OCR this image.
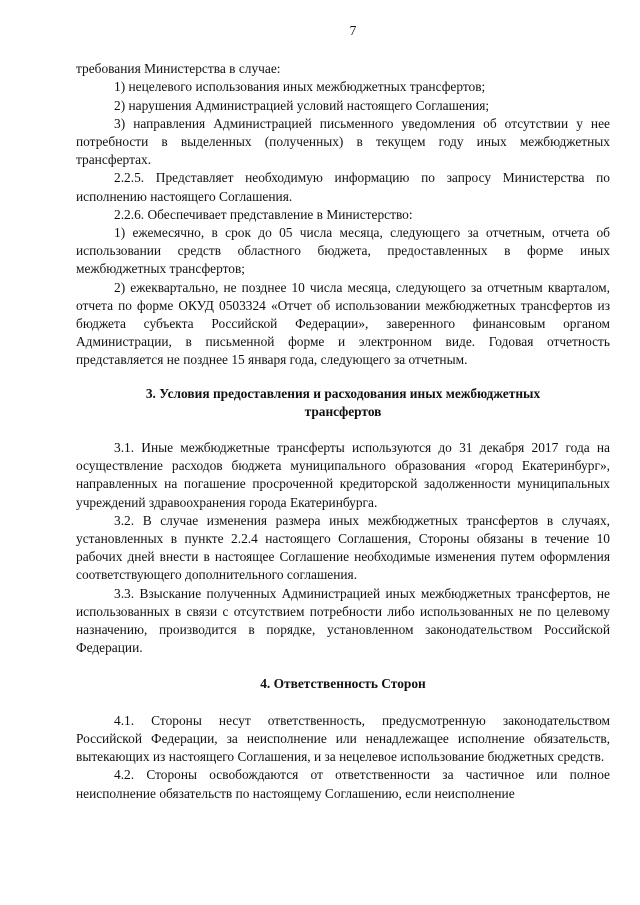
7

требования Министерства в случае:

1) нецелевого использования иных межбюджетных трансфертов;

2) нарушения Администрацией условий настоящего Соглашения;

3) направления Администрацией письменного уведомления об отсутствии у нее потребности в выделенных (полученных) в текущем году иных межбюджетных трансфертах.

2.2.5. Представляет необходимую информацию по запросу Министерства по исполнению настоящего Соглашения.

2.2.6. Обеспечивает представление в Министерство:

1) ежемесячно, в срок до 05 числа месяца, следующего за отчетным, отчета об использовании средств областного бюджета, предоставленных в форме иных межбюджетных трансфертов;

2) ежеквартально, не позднее 10 числа месяца, следующего за отчетным кварталом, отчета по форме ОКУД 0503324 «Отчет об использовании межбюджетных трансфертов из бюджета субъекта Российской Федерации», заверенного финансовым органом Администрации, в письменной форме и электронном виде. Годовая отчетность представляется не позднее 15 января года, следующего за отчетным.

3. Условия предоставления и расходования иных межбюджетных трансфертов

3.1. Иные межбюджетные трансферты используются до 31 декабря 2017 года на осуществление расходов бюджета муниципального образования «город Екатеринбург», направленных на погашение просроченной кредиторской задолженности муниципальных учреждений здравоохранения города Екатеринбурга.

3.2. В случае изменения размера иных межбюджетных трансфертов в случаях, установленных в пункте 2.2.4 настоящего Соглашения, Стороны обязаны в течение 10 рабочих дней внести в настоящее Соглашение необходимые изменения путем оформления соответствующего дополнительного соглашения.

3.3. Взыскание полученных Администрацией иных межбюджетных трансфертов, не использованных в связи с отсутствием потребности либо использованных не по целевому назначению, производится в порядке, установленном законодательством Российской Федерации.

4. Ответственность Сторон

4.1. Стороны несут ответственность, предусмотренную законодательством Российской Федерации, за неисполнение или ненадлежащее исполнение обязательств, вытекающих из настоящего Соглашения, и за нецелевое использование бюджетных средств.

4.2. Стороны освобождаются от ответственности за частичное или полное неисполнение обязательств по настоящему Соглашению, если неисполнение
